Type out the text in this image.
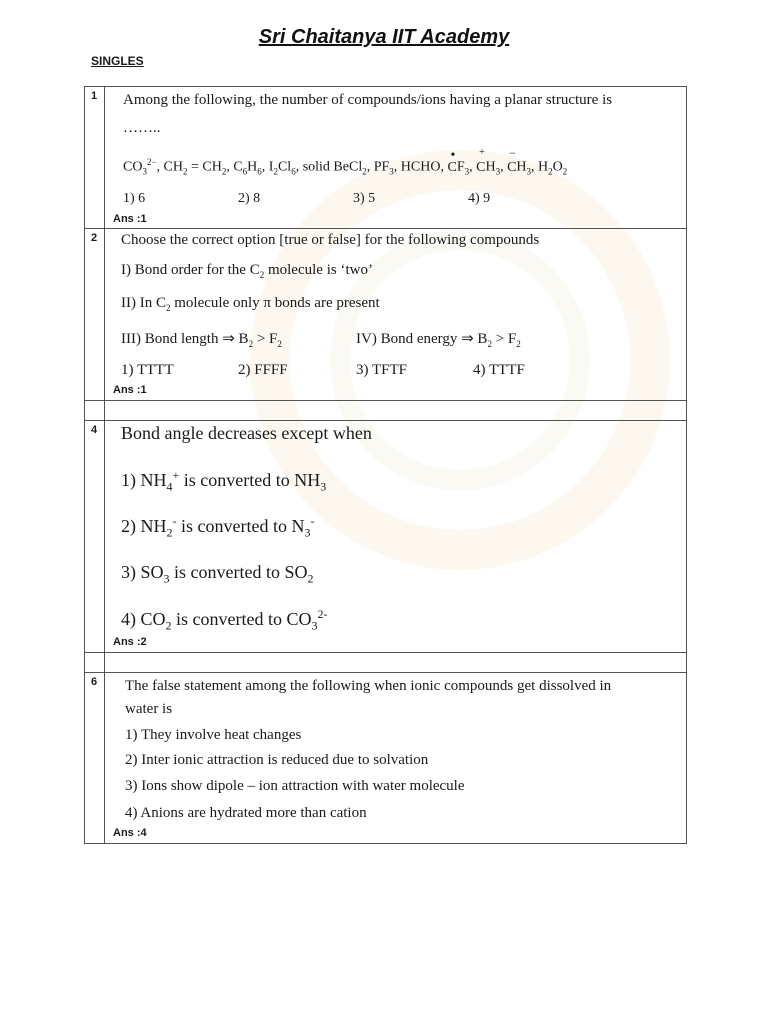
Sri Chaitanya IIT Academy
SINGLES
1 Among the following, the number of compounds/ions having a planar structure is
……..
$CO_3^{2-}$, $CH_2 = CH_2$, $C_6H_6$, $I_2Cl_6$, solid BeCl$_2$, $PF_3$, HCHO,
•
$CF_3$,
+
$CH_3$,
−
$CH_3$, $H_2O_2$
1) 6	2) 8	3) 5	4) 9
Ans :1
2 Choose the correct option [true or false] for the following compounds
I) Bond order for the $C_2$ molecule is ‘two’
II) In $C_2$ molecule only π bonds are present
III) Bond length ⇒ $B_2 > F_2$	IV) Bond energy ⇒ $B_2 > F_2$
1) TTTT	2) FFFF	3) TFTF	4) TTTF
Ans :1
4 Bond angle decreases except when
1) $NH_4^+$ is converted to $NH_3$
2) $NH_2^-$ is converted to $N_3^-$
3) $SO_3$ is converted to $SO_2$
4) $CO_2$ is converted to $CO_3^{2-}$
Ans :2
6 The false statement among the following when ionic compounds get dissolved in
water is
1) They involve heat changes
2) Inter ionic attraction is reduced due to solvation
3) Ions show dipole – ion attraction with water molecule
4) Anions are hydrated more than cation
Ans :4
